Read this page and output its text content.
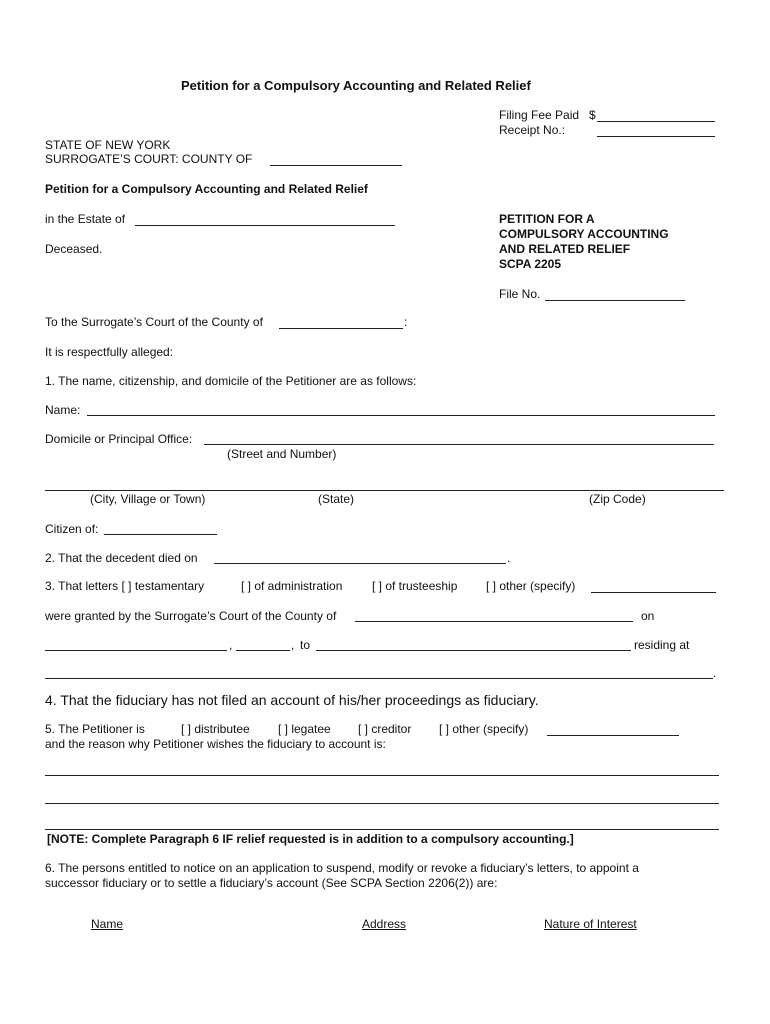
Petition for a Compulsory Accounting and Related Relief
Filing Fee Paid $
Receipt No.:
STATE OF NEW YORK
SURROGATE’S COURT: COUNTY OF
Petition for a Compulsory Accounting and Related Relief
in the Estate of
Deceased.
PETITION FOR A
COMPULSORY ACCOUNTING
AND RELATED RELIEF
SCPA 2205
File No.
To the Surrogate’s Court of the County of	:
It is respectfully alleged:
1. The name, citizenship, and domicile of the Petitioner are as follows:
Name:
Domicile or Principal Office:
(Street and Number)
(City, Village or Town)	(State)	(Zip Code)
Citizen of:
2. That the decedent died on	.
3. That letters [ ] testamentary	[ ] of administration [ ] of trusteeship [ ] other (specify)
were granted by the Surrogate’s Court of the County of	on
,	, to	residing at
.
4. That the fiduciary has not filed an account of his/her proceedings as fiduciary.
5. The Petitioner is	[ ] distributee [ ] legatee [ ] creditor [ ] other (specify)
and the reason why Petitioner wishes the fiduciary to account is:
[NOTE: Complete Paragraph 6 IF relief requested is in addition to a compulsory accounting.]
6. The persons entitled to notice on an application to suspend, modify or revoke a fiduciary’s letters, to appoint a
successor fiduciary or to settle a fiduciary’s account (See SCPA Section 2206(2)) are:
Name	Address	Nature of Interest
